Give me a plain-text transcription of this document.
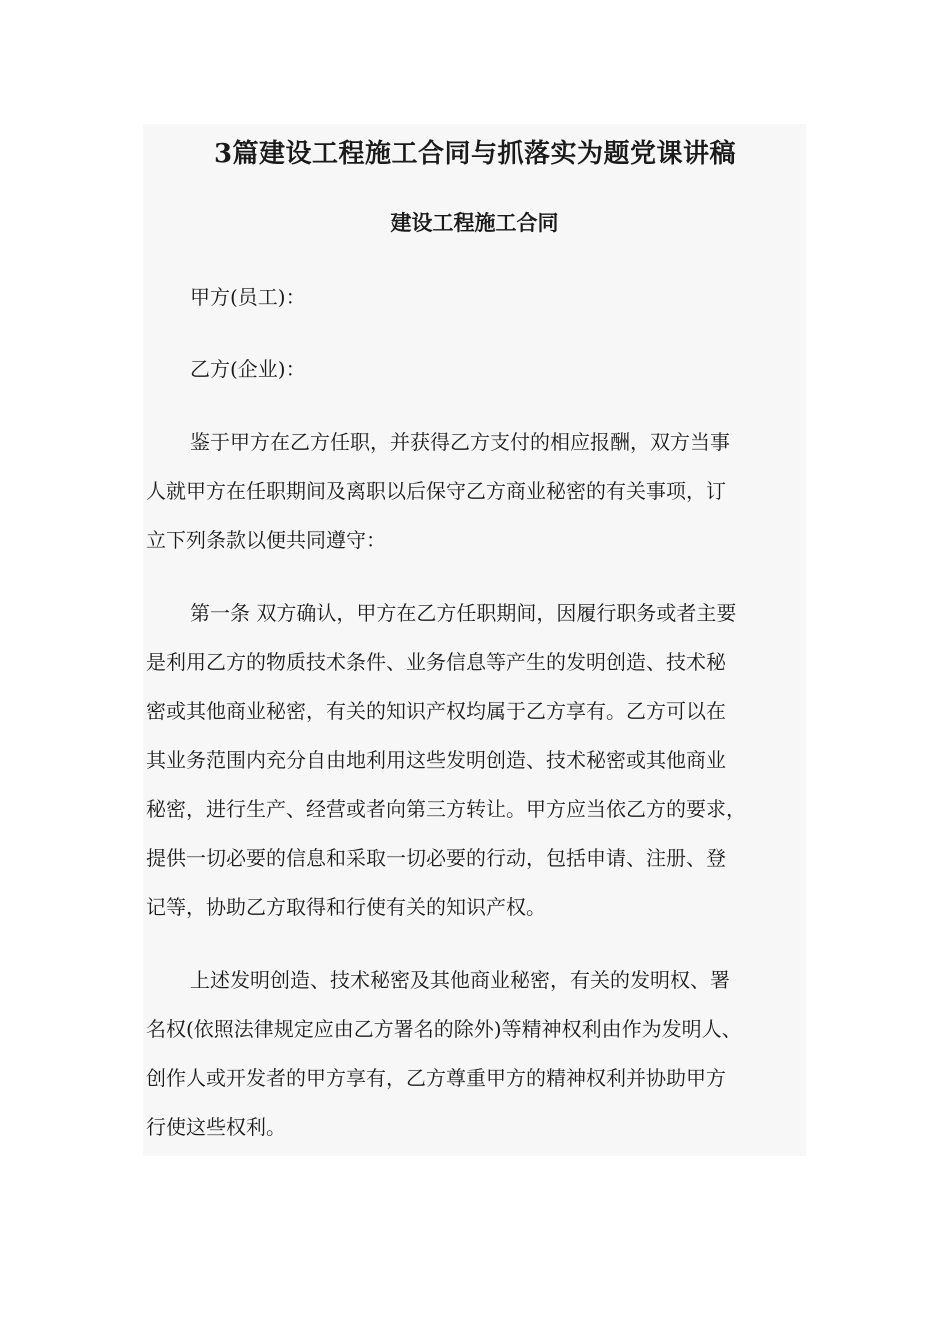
3篇建设工程施工合同与抓落实为题党课讲稿
建设工程施工合同

甲方(员工)：

乙方(企业)：

鉴于甲方在乙方任职，并获得乙方支付的相应报酬，双方当事

人就甲方在任职期间及离职以后保守乙方商业秘密的有关事项，订

立下列条款以便共同遵守：

第一条 双方确认，甲方在乙方任职期间，因履行职务或者主要

是利用乙方的物质技术条件、业务信息等产生的发明创造、技术秘

密或其他商业秘密，有关的知识产权均属于乙方享有。乙方可以在

其业务范围内充分自由地利用这些发明创造、技术秘密或其他商业

秘密，进行生产、经营或者向第三方转让。甲方应当依乙方的要求，

提供一切必要的信息和采取一切必要的行动，包括申请、注册、登

记等，协助乙方取得和行使有关的知识产权。

上述发明创造、技术秘密及其他商业秘密，有关的发明权、署

名权(依照法律规定应由乙方署名的除外)等精神权利由作为发明人、

创作人或开发者的甲方享有，乙方尊重甲方的精神权利并协助甲方

行使这些权利。
